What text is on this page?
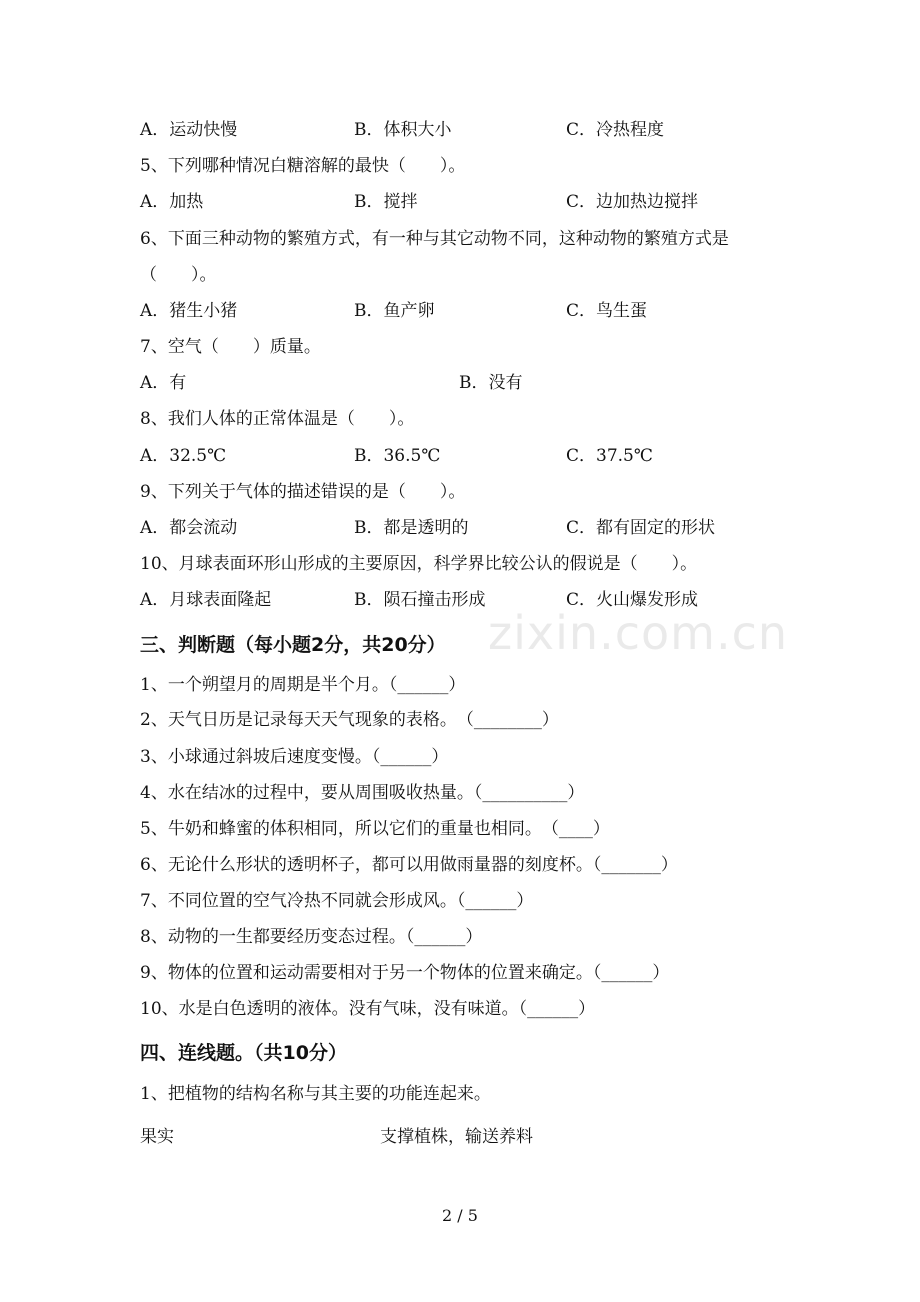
A．运动快慢	B．体积大小	C．冷热程度
5、下列哪种情况白糖溶解的最快（　　）。
A．加热	B．搅拌	C．边加热边搅拌
6、下面三种动物的繁殖方式，有一种与其它动物不同，这种动物的繁殖方式是
（　　）。
A．猪生小猪	B．鱼产卵	C．鸟生蛋
7、空气（　　）质量。
A．有	B．没有
8、我们人体的正常体温是（　　）。
A．32.5℃	B．36.5℃	C．37.5℃
9、下列关于气体的描述错误的是（　　）。
A．都会流动	B．都是透明的	C．都有固定的形状
10、月球表面环形山形成的主要原因，科学界比较公认的假说是（　　）。
A．月球表面隆起	B．陨石撞击形成	C．火山爆发形成
zixin.com.cn
三、判断题（每小题2分，共20分）
1、一个朔望月的周期是半个月。（______）
2、天气日历是记录每天天气现象的表格。　（________）
3、小球通过斜坡后速度变慢。（______）
4、水在结冰的过程中，要从周围吸收热量。（__________）
5、牛奶和蜂蜜的体积相同，所以它们的重量也相同。　（____）
6、无论什么形状的透明杯子，都可以用做雨量器的刻度杯。（_______）
7、不同位置的空气冷热不同就会形成风。（______）
8、动物的一生都要经历变态过程。（______）
9、物体的位置和运动需要相对于另一个物体的位置来确定。（______）
10、水是白色透明的液体。没有气味，没有味道。（______）
四、连线题。（共10分）
1、把植物的结构名称与其主要的功能连起来。
果实	支撑植株，输送养料
2 / 5
